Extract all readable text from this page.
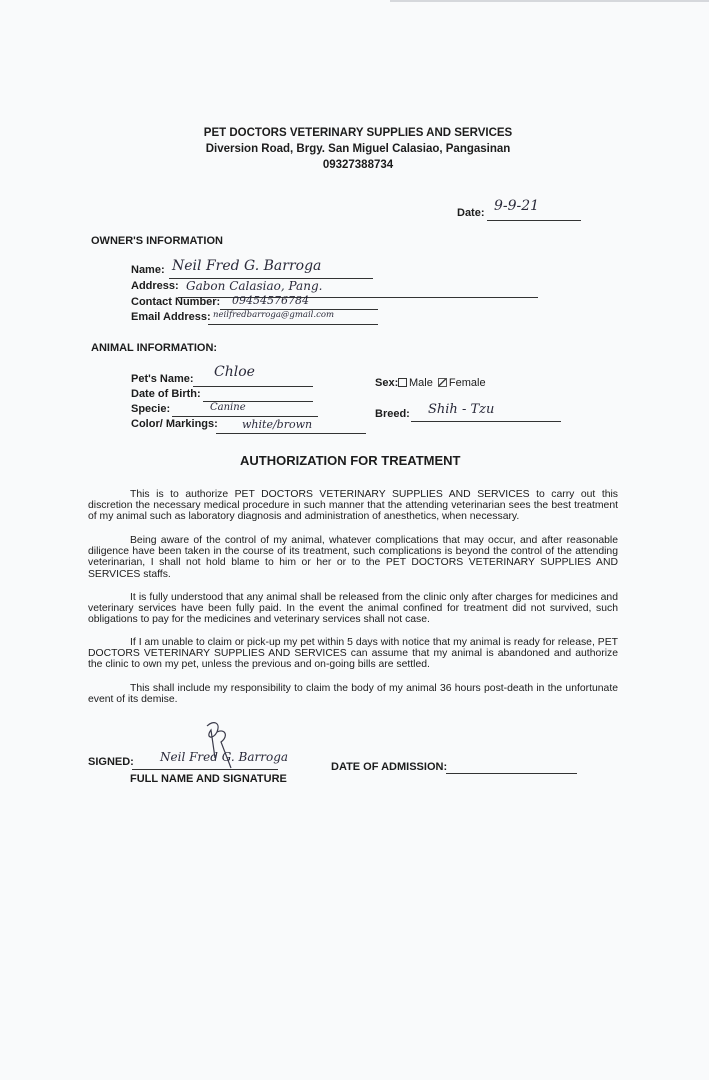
PET DOCTORS VETERINARY SUPPLIES AND SERVICES
Diversion Road, Brgy. San Miguel Calasiao, Pangasinan
09327388734
Date: 9-9-21
OWNER'S INFORMATION
Name: Neil Fred G. Barroga
Address: Gabon Calasiao, Pang.
Contact Number: 09454576784
Email Address: neilfredbarroga@gmail.com
ANIMAL INFORMATION:
Pet's Name: Chloe
Date of Birth:
Specie:	Canine
Color/ Markings: white/brown
Sex: Male Female
Breed: Shih - Tzu
AUTHORIZATION FOR TREATMENT

This is to authorize PET DOCTORS VETERINARY SUPPLIES AND SERVICES to carry out this discretion the necessary medical procedure in such manner that the attending veterinarian sees the best treatment of my animal such as laboratory diagnosis and administration of anesthetics, when necessary.

Being aware of the control of my animal, whatever complications that may occur, and after reasonable diligence have been taken in the course of its treatment, such complications is beyond the control of the attending veterinarian, I shall not hold blame to him or her or to the PET DOCTORS VETERINARY SUPPLIES AND SERVICES staffs.

It is fully understood that any animal shall be released from the clinic only after charges for medicines and veterinary services have been fully paid. In the event the animal confined for treatment did not survived, such obligations to pay for the medicines and veterinary services shall not case.

If I am unable to claim or pick-up my pet within 5 days with notice that my animal is ready for release, PET DOCTORS VETERINARY SUPPLIES AND SERVICES can assume that my animal is abandoned and authorize the clinic to own my pet, unless the previous and on-going bills are settled.

This shall include my responsibility to claim the body of my animal 36 hours post-death in the unfortunate event of its demise.

SIGNED: Neil Fred G. Barroga
FULL NAME AND SIGNATURE
DATE OF ADMISSION:
